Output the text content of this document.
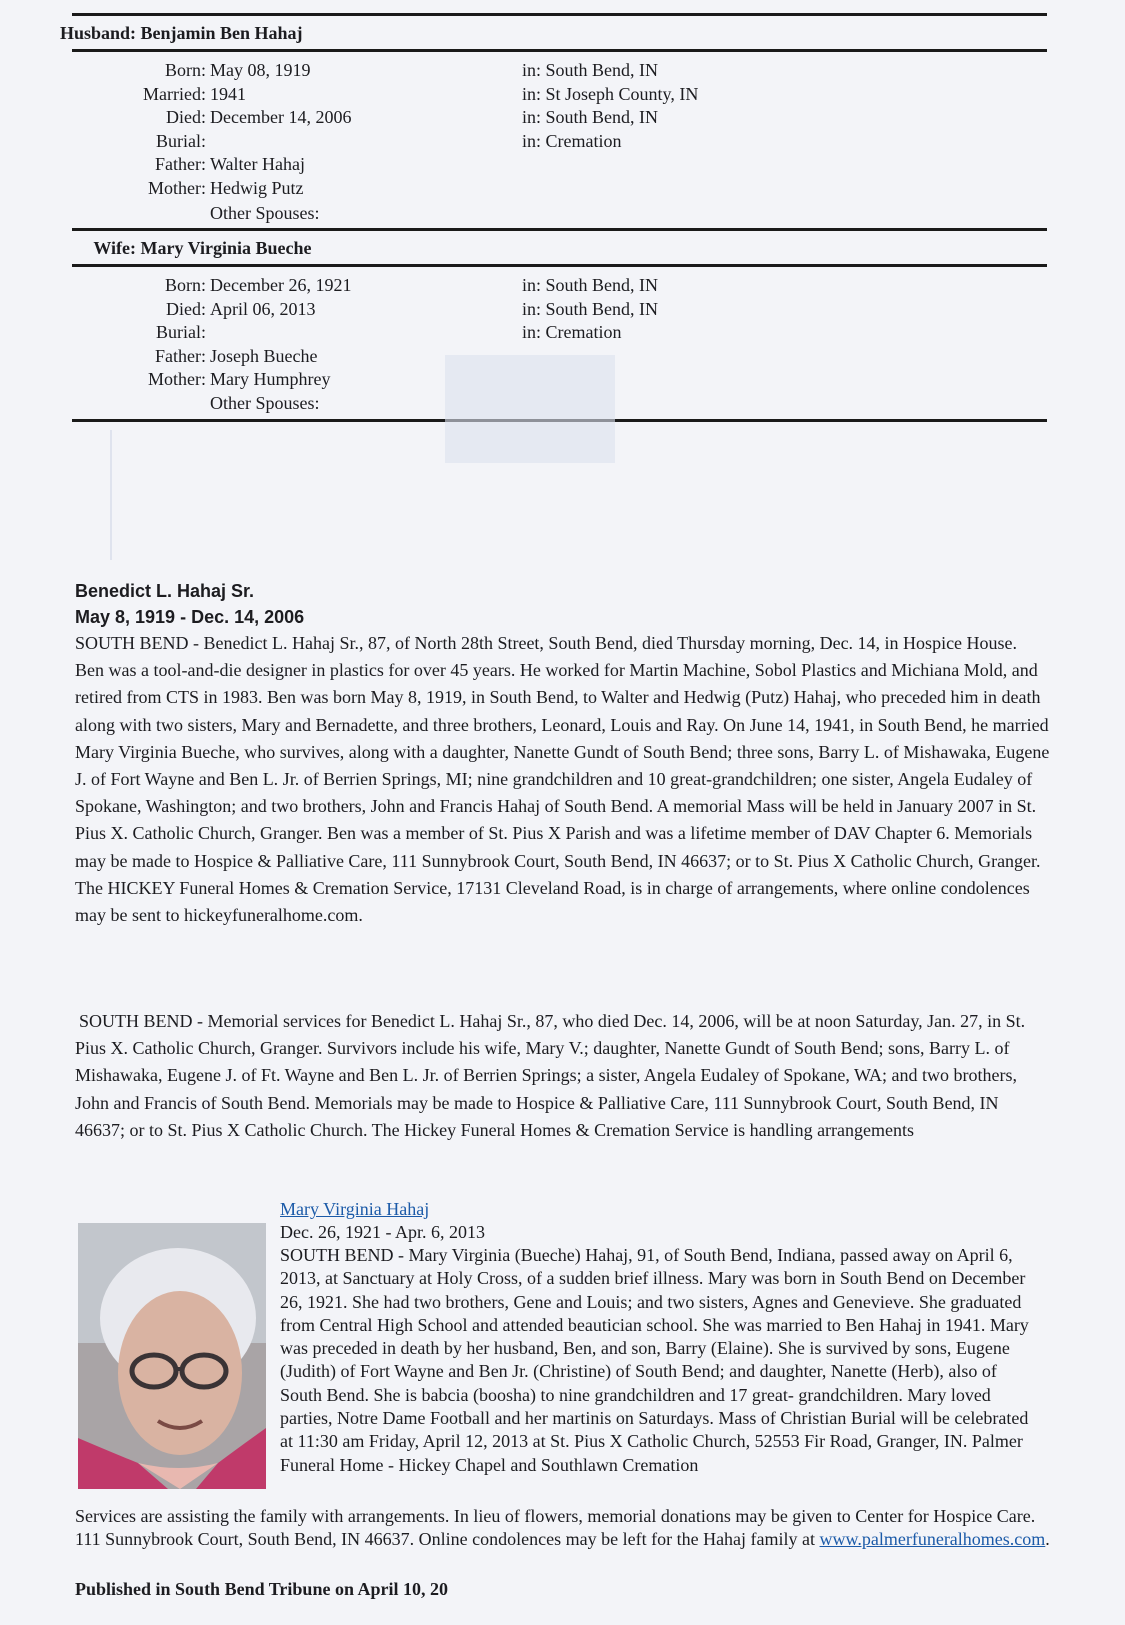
Husband: Benjamin Ben Hahaj
Born: May 08, 1919	in: South Bend, IN
Married: 1941	in: St Joseph County, IN
Died: December 14, 2006	in: South Bend, IN
Burial:	in: Cremation
Father: Walter Hahaj
Mother: Hedwig Putz
Other Spouses:
Wife: Mary Virginia Bueche
Born: December 26, 1921	in: South Bend, IN
Died: April 06, 2013	in: South Bend, IN
Burial:	in: Cremation
Father: Joseph Bueche
Mother: Mary Humphrey
Other Spouses:
Benedict L. Hahaj Sr.
May 8, 1919 - Dec. 14, 2006

SOUTH BEND - Benedict L. Hahaj Sr., 87, of North 28th Street, South Bend, died Thursday morning, Dec. 14, in Hospice House. Ben was a tool-and-die designer in plastics for over 45 years. He worked for Martin Machine, Sobol Plastics and Michiana Mold, and retired from CTS in 1983. Ben was born May 8, 1919, in South Bend, to Walter and Hedwig (Putz) Hahaj, who preceded him in death along with two sisters, Mary and Bernadette, and three brothers, Leonard, Louis and Ray. On June 14, 1941, in South Bend, he married Mary Virginia Bueche, who survives, along with a daughter, Nanette Gundt of South Bend; three sons, Barry L. of Mishawaka, Eugene J. of Fort Wayne and Ben L. Jr. of Berrien Springs, MI; nine grandchildren and 10 great-grandchildren; one sister, Angela Eudaley of Spokane, Washington; and two brothers, John and Francis Hahaj of South Bend. A memorial Mass will be held in January 2007 in St. Pius X. Catholic Church, Granger. Ben was a member of St. Pius X Parish and was a lifetime member of DAV Chapter 6. Memorials may be made to Hospice & Palliative Care, 111 Sunnybrook Court, South Bend, IN 46637; or to St. Pius X Catholic Church, Granger. The HICKEY Funeral Homes & Cremation Service, 17131 Cleveland Road, is in charge of arrangements, where online condolences may be sent to hickeyfuneralhome.com.

SOUTH BEND - Memorial services for Benedict L. Hahaj Sr., 87, who died Dec. 14, 2006, will be at noon Saturday, Jan. 27, in St. Pius X. Catholic Church, Granger. Survivors include his wife, Mary V.; daughter, Nanette Gundt of South Bend; sons, Barry L. of Mishawaka, Eugene J. of Ft. Wayne and Ben L. Jr. of Berrien Springs; a sister, Angela Eudaley of Spokane, WA; and two brothers, John and Francis of South Bend. Memorials may be made to Hospice & Palliative Care, 111 Sunnybrook Court, South Bend, IN 46637; or to St. Pius X Catholic Church. The Hickey Funeral Homes & Cremation Service is handling arrangements

Mary Virginia Hahaj
Dec. 26, 1921 - Apr. 6, 2013

SOUTH BEND - Mary Virginia (Bueche) Hahaj, 91, of South Bend, Indiana, passed away on April 6, 2013, at Sanctuary at Holy Cross, of a sudden brief illness. Mary was born in South Bend on December 26, 1921. She had two brothers, Gene and Louis; and two sisters, Agnes and Genevieve. She graduated from Central High School and attended beautician school. She was married to Ben Hahaj in 1941. Mary was preceded in death by her husband, Ben, and son, Barry (Elaine). She is survived by sons, Eugene (Judith) of Fort Wayne and Ben Jr. (Christine) of South Bend; and daughter, Nanette (Herb), also of South Bend. She is babcia (boosha) to nine grandchildren and 17 great- grandchildren. Mary loved parties, Notre Dame Football and her martinis on Saturdays. Mass of Christian Burial will be celebrated at 11:30 am Friday, April 12, 2013 at St. Pius X Catholic Church, 52553 Fir Road, Granger, IN. Palmer Funeral Home - Hickey Chapel and Southlawn Cremation

Services are assisting the family with arrangements. In lieu of flowers, memorial donations may be given to Center for Hospice Care. 111 Sunnybrook Court, South Bend, IN 46637. Online condolences may be left for the Hahaj family at www.palmerfuneralhomes.com.

Published in South Bend Tribune on April 10, 20
